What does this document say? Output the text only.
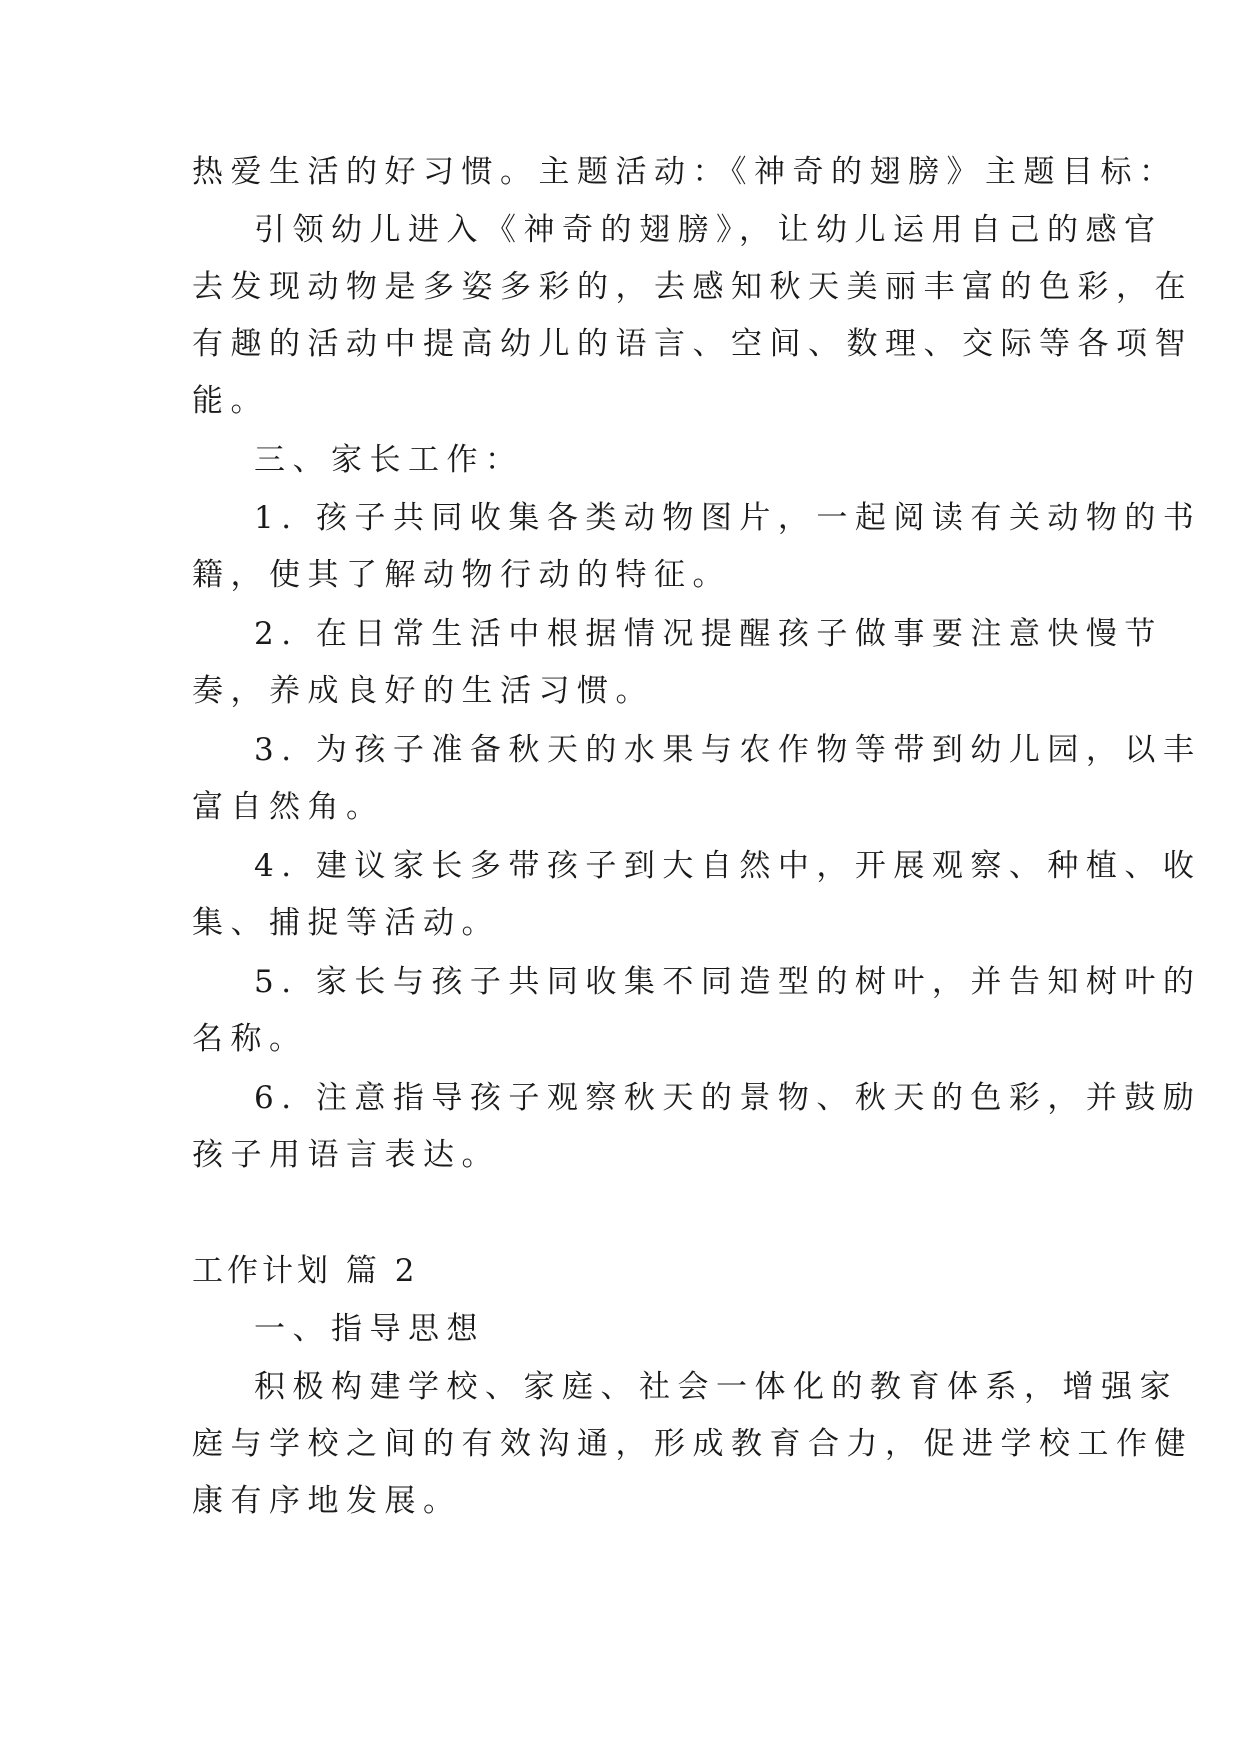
热爱生活的好习惯。主题活动：《神奇的翅膀》主题目标：
引领幼儿进入《神奇的翅膀》，让幼儿运用自己的感官
去发现动物是多姿多彩的，去感知秋天美丽丰富的色彩，在
有趣的活动中提高幼儿的语言、空间、数理、交际等各项智
能。
三、家长工作：
1. 孩子共同收集各类动物图片，一起阅读有关动物的书
籍，使其了解动物行动的特征。
2. 在日常生活中根据情况提醒孩子做事要注意快慢节
奏，养成良好的生活习惯。
3. 为孩子准备秋天的水果与农作物等带到幼儿园，以丰
富自然角。
4. 建议家长多带孩子到大自然中，开展观察、种植、收
集、捕捉等活动。
5. 家长与孩子共同收集不同造型的树叶，并告知树叶的
名称。
6. 注意指导孩子观察秋天的景物、秋天的色彩，并鼓励
孩子用语言表达。
工作计划 篇 2
一、指导思想
积极构建学校、家庭、社会一体化的教育体系，增强家
庭与学校之间的有效沟通，形成教育合力，促进学校工作健
康有序地发展。
